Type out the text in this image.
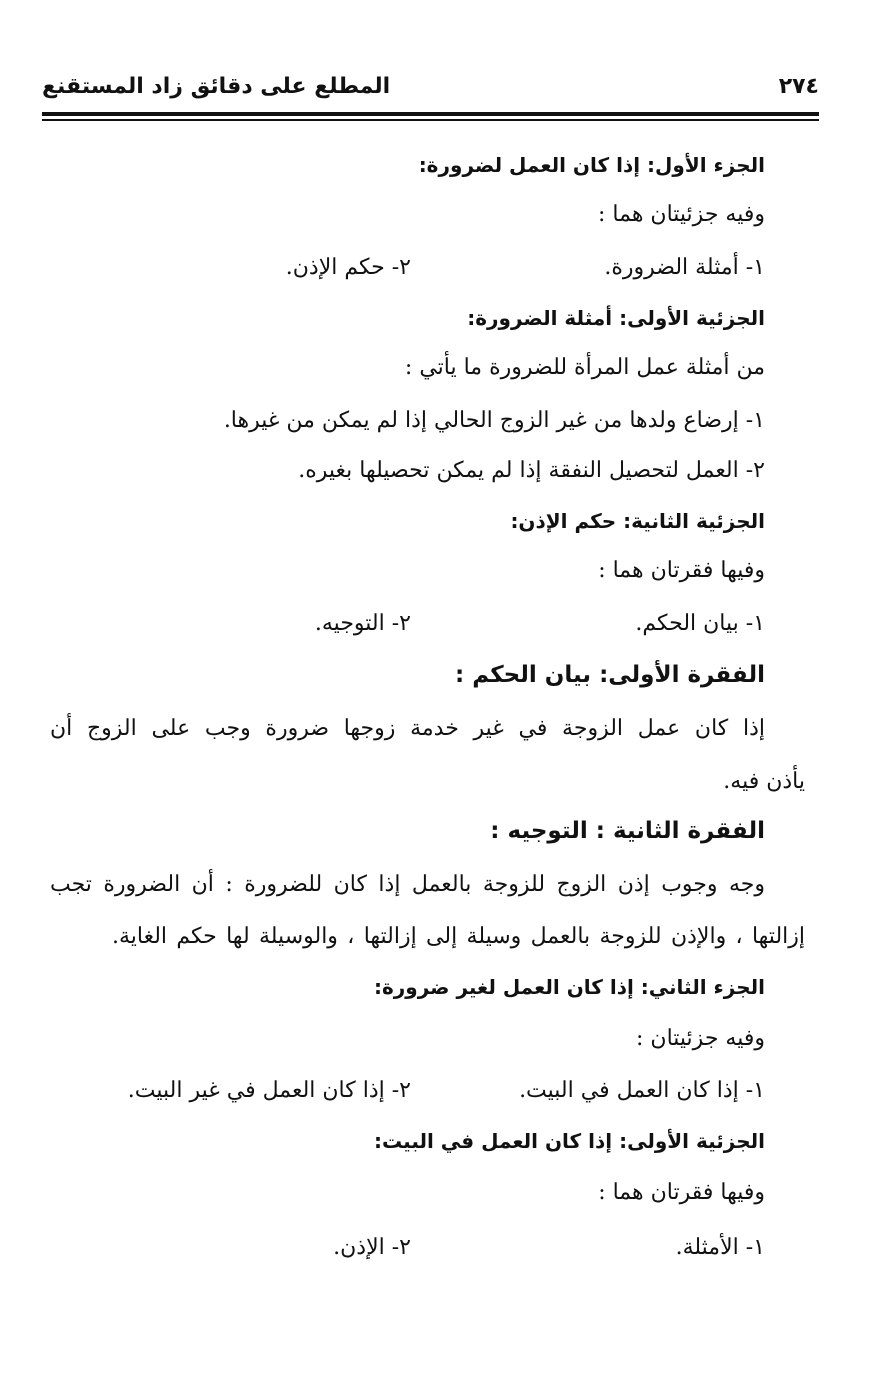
٢٧٤
المطلع على دقائق زاد المستقنع
الجزء الأول: إذا كان العمل لضرورة:
وفيه جزئيتان هما :
١- أمثلة الضرورة.
٢- حكم الإذن.
الجزئية الأولى: أمثلة الضرورة:
من أمثلة عمل المرأة للضرورة ما يأتي :
١- إرضاع ولدها من غير الزوج الحالي إذا لم يمكن من غيرها.
٢- العمل لتحصيل النفقة إذا لم يمكن تحصيلها بغيره.
الجزئية الثانية: حكم الإذن:
وفيها فقرتان هما :
١- بيان الحكم.
٢- التوجيه.
الفقرة الأولى: بيان الحكم :
إذا كان عمل الزوجة في غير خدمة زوجها ضرورة وجب على الزوج أن
يأذن فيه.
الفقرة الثانية : التوجيه :
وجه وجوب إذن الزوج للزوجة بالعمل إذا كان للضرورة : أن الضرورة تجب
إزالتها ، والإذن للزوجة بالعمل وسيلة إلى إزالتها ، والوسيلة لها حكم الغاية.
الجزء الثاني: إذا كان العمل لغير ضرورة:
وفيه جزئيتان :
١- إذا كان العمل في البيت.
٢- إذا كان العمل في غير البيت.
الجزئية الأولى: إذا كان العمل في البيت:
وفيها فقرتان هما :
١- الأمثلة.
٢- الإذن.
